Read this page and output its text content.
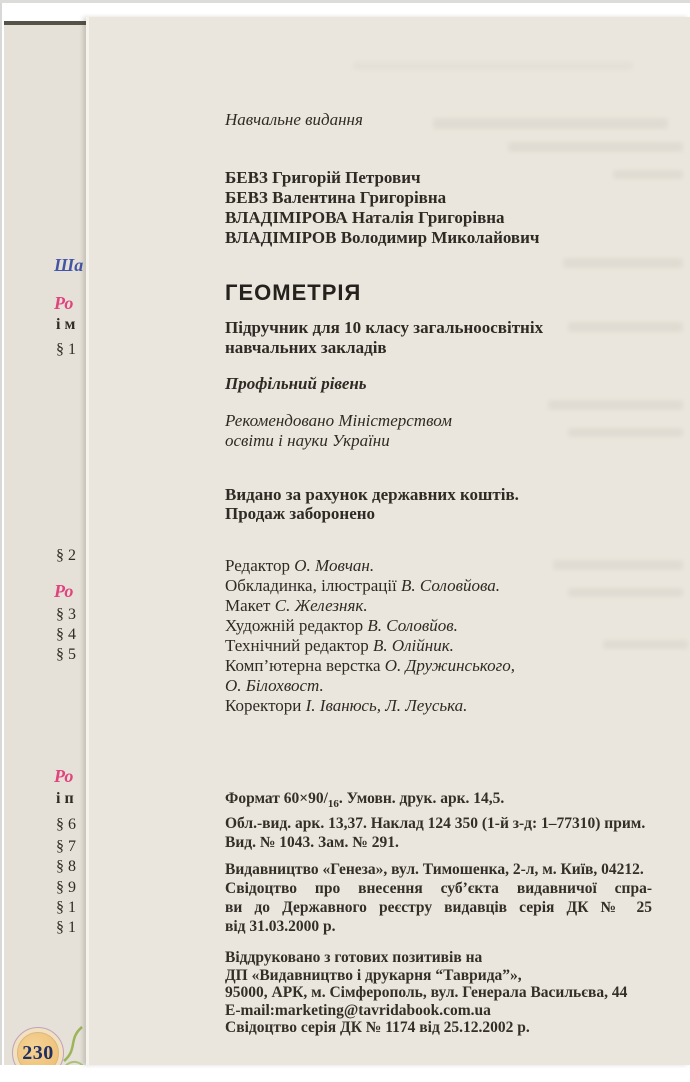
Ша
Ро
і м
§ 1
§ 2
Ро
§ 3
§ 4
§ 5
Ро
і п
§ 6
§ 7
§ 8
§ 9
§ 1
§ 1
230
Навчальне видання
БЕВЗ Григорій Петрович
БЕВЗ Валентина Григорівна
ВЛАДІМІРОВА Наталія Григорівна
ВЛАДІМІРОВ Володимир Миколайович
ГЕОМЕТРІЯ
Підручник для 10 класу загальноосвітніх
навчальних закладів
Профільний рівень
Рекомендовано Міністерством
освіти і науки України
Видано за рахунок державних коштів.
Продаж заборонено
Редактор О. Мовчан.
Обкладинка, ілюстрації В. Соловйова.
Макет С. Железняк.
Художній редактор В. Соловйов.
Технічний редактор В. Олійник.
Комп’ютерна верстка О. Дружинського,
О. Білохвост.
Коректори І. Іванюсь, Л. Леуська.
Формат $60\times 90/_{16}$. Умовн. друк. арк. 14,5.
Обл.-вид. арк. 13,37. Наклад 124 350 (1-й з-д: 1–77310) прим.
Вид. № 1043. Зам. № 291.
Видавництво «Генеза», вул. Тимошенка, 2-л, м. Київ, 04212.
Свідоцтво про внесення суб’єкта видавничої спра-
ви до Державного реєстру видавців серія ДК № 25
від 31.03.2000 р.
Віддруковано з готових позитивів на
ДП «Видавництво і друкарня “Таврида”»,
95000, АРК, м. Сімферополь, вул. Генерала Васильєва, 44
E-mail:marketing@tavridabook.com.ua
Свідоцтво серія ДК № 1174 від 25.12.2002 р.
